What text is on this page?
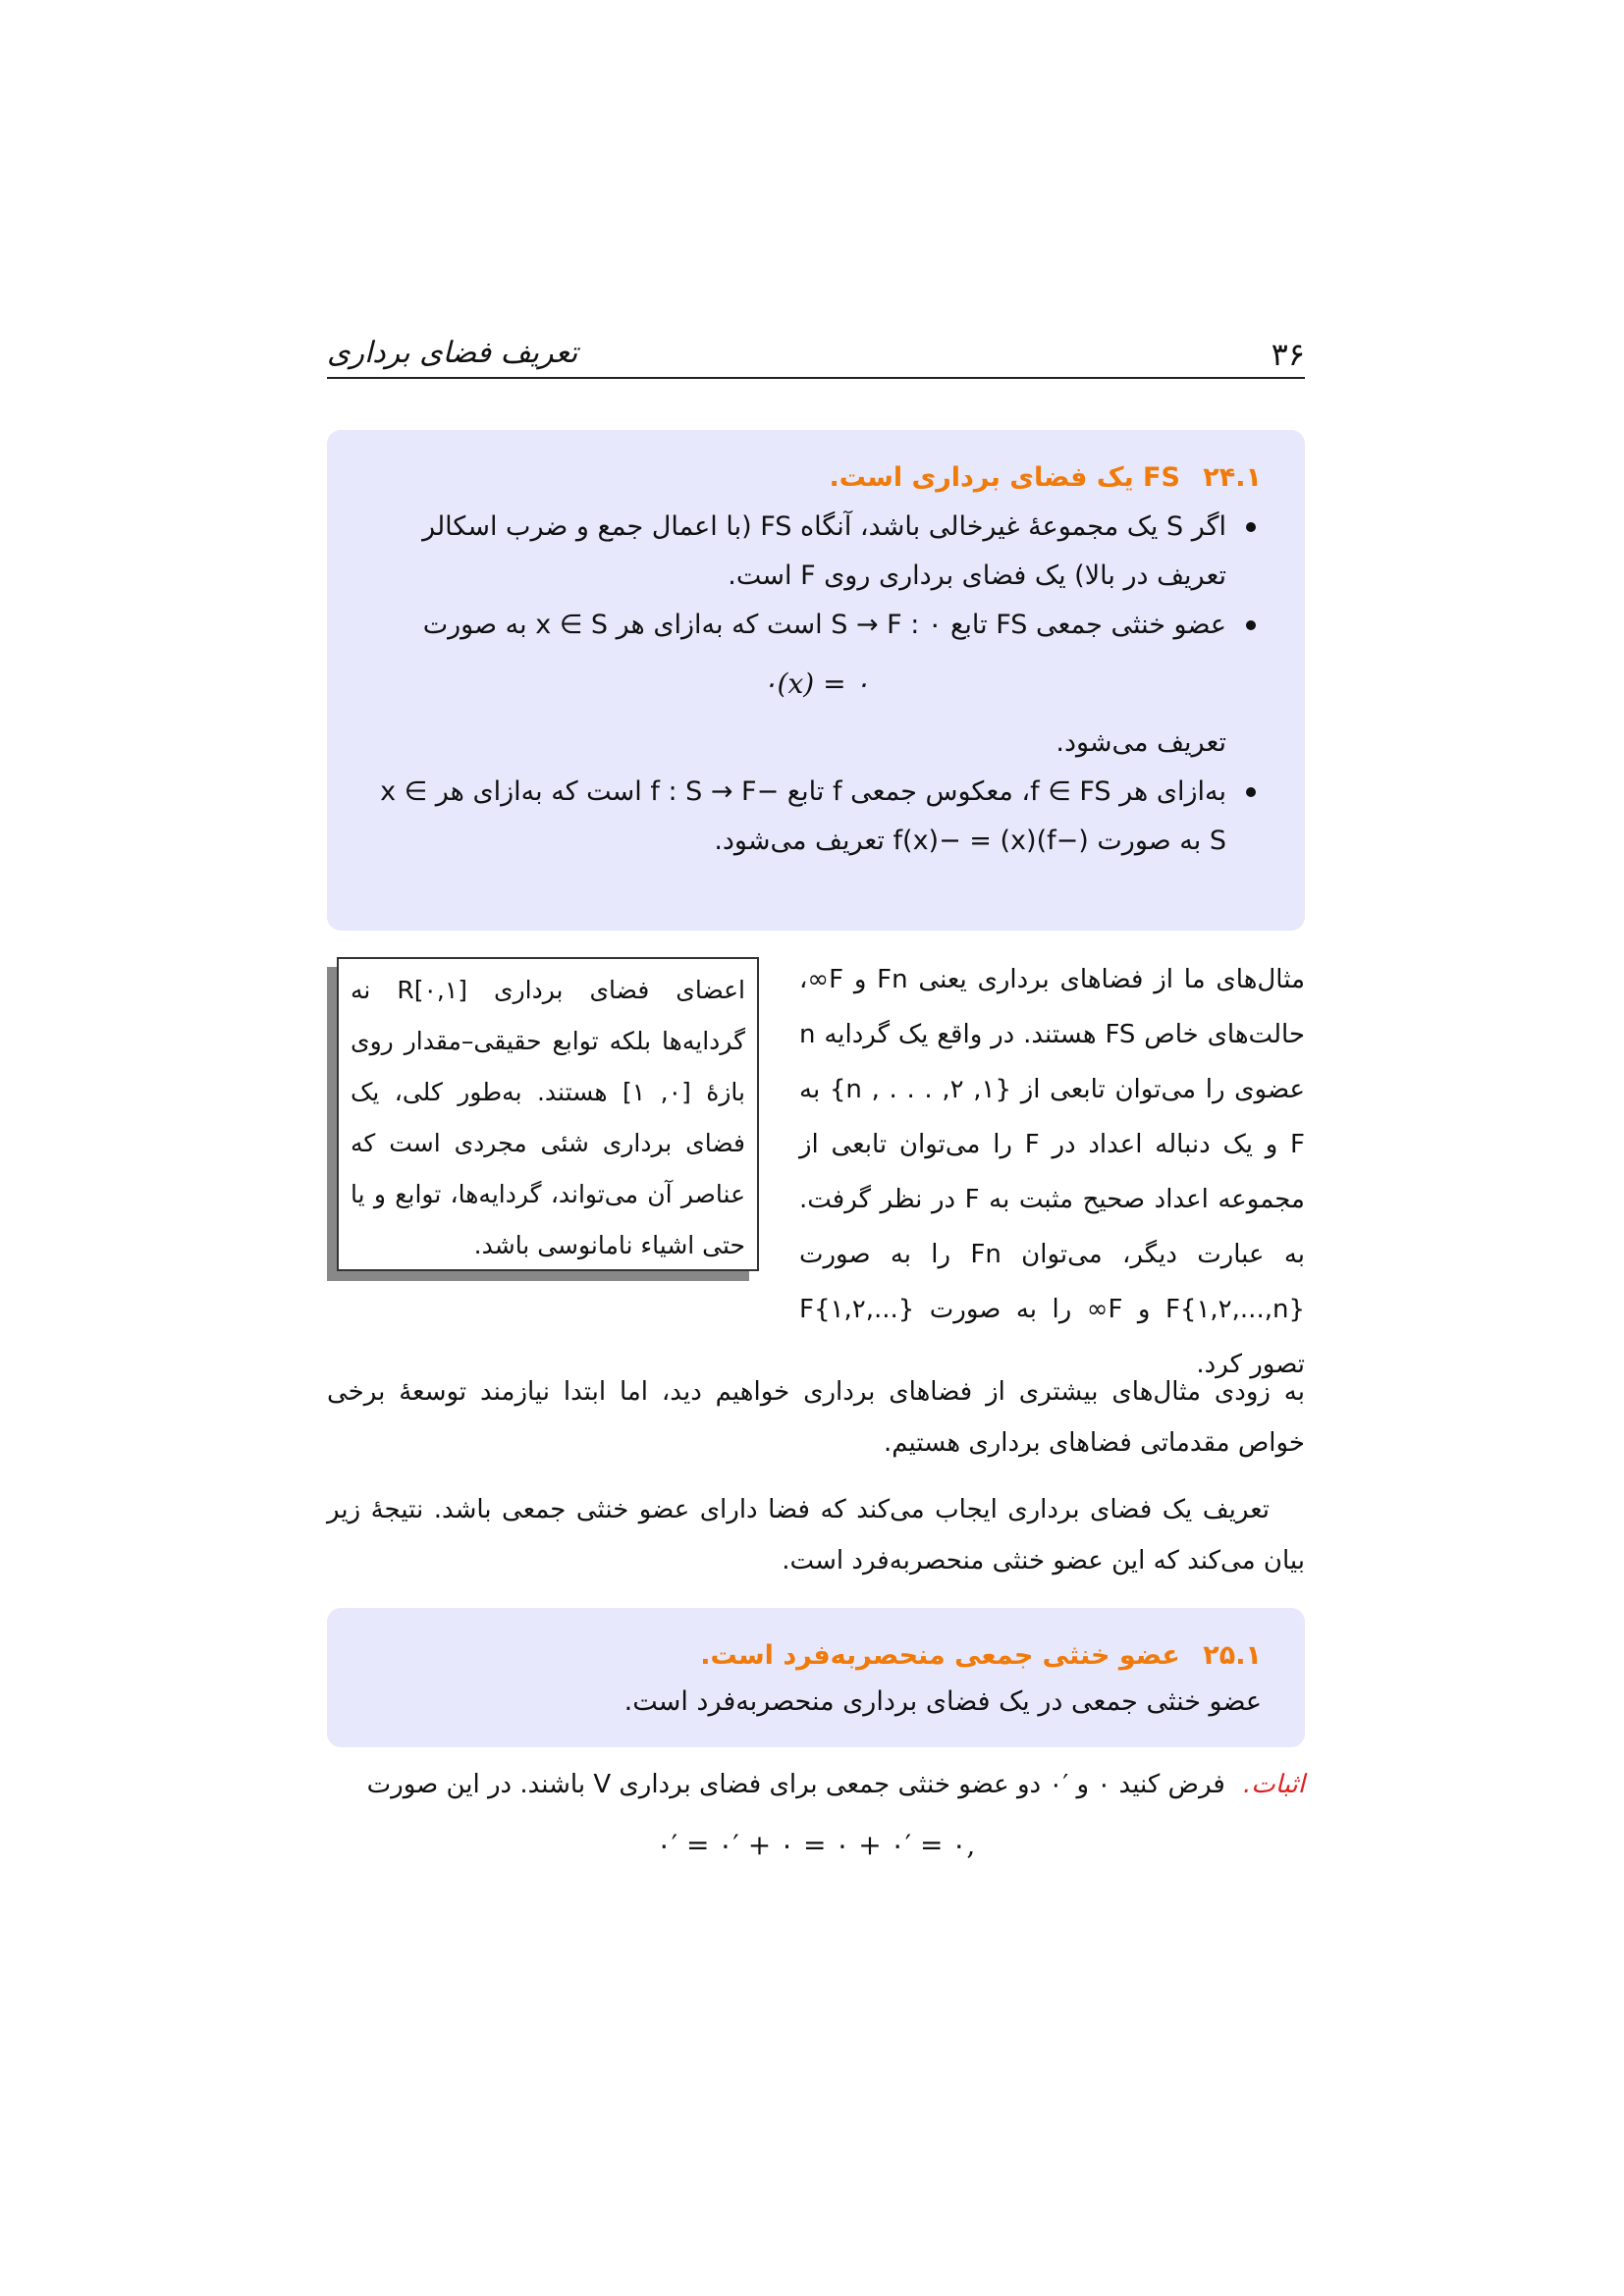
۳۶
تعریف فضای برداری
۲۴.۱ FS یک فضای برداری است.
اگر S یک مجموعهٔ غیرخالی باشد، آنگاه FS (با اعمال جمع و ضرب اسکالر تعریف در بالا) یک فضای برداری روی F است.
عضو خنثی جمعی FS تابع S → F : ۰ است که به‌ازای هر x ∈ S به صورت
۰(x) = ۰
تعریف می‌شود.
به‌ازای هر f ∈ FS، معکوس جمعی f تابع −f : S → F است که به‌ازای هر x ∈ S به صورت (−f)(x) = −f(x) تعریف می‌شود.
مثال‌های ما از فضاهای برداری یعنی Fn و F∞، حالت‌های خاص FS هستند. در واقع یک گردایه n عضوی را می‌توان تابعی از {۱, ۲, . . . , n} به F و یک دنباله اعداد در F را می‌توان تابعی از مجموعه اعداد صحیح مثبت به F در نظر گرفت. به عبارت دیگر، می‌توان Fn را به صورت F{۱,۲,...,n} و F∞ را به صورت F{۱,۲,...} تصور کرد.
اعضای فضای برداری R[۰,۱] نه گردایه‌ها بلکه توابع حقیقی–مقدار روی بازهٔ [۰, ۱] هستند. به‌طور کلی، یک فضای برداری شئی مجردی است که عناصر آن می‌تواند، گردایه‌ها، توابع و یا حتی اشیاء نامانوسی باشد.
به زودی مثال‌های بیشتری از فضاهای برداری خواهیم دید، اما ابتدا نیازمند توسعهٔ برخی خواص مقدماتی فضاهای برداری هستیم.
تعریف یک فضای برداری ایجاب می‌کند که فضا دارای عضو خنثی جمعی باشد. نتیجهٔ زیر بیان می‌کند که این عضو خنثی منحصربه‌فرد است.
۲۵.۱ عضو خنثی جمعی منحصربه‌فرد است.
عضو خنثی جمعی در یک فضای برداری منحصربه‌فرد است.
اثبات. فرض کنید ۰ و ′۰ دو عضو خنثی جمعی برای فضای برداری V باشند. در این صورت
۰′ = ۰′ + ۰ = ۰ + ۰′ = ۰,
